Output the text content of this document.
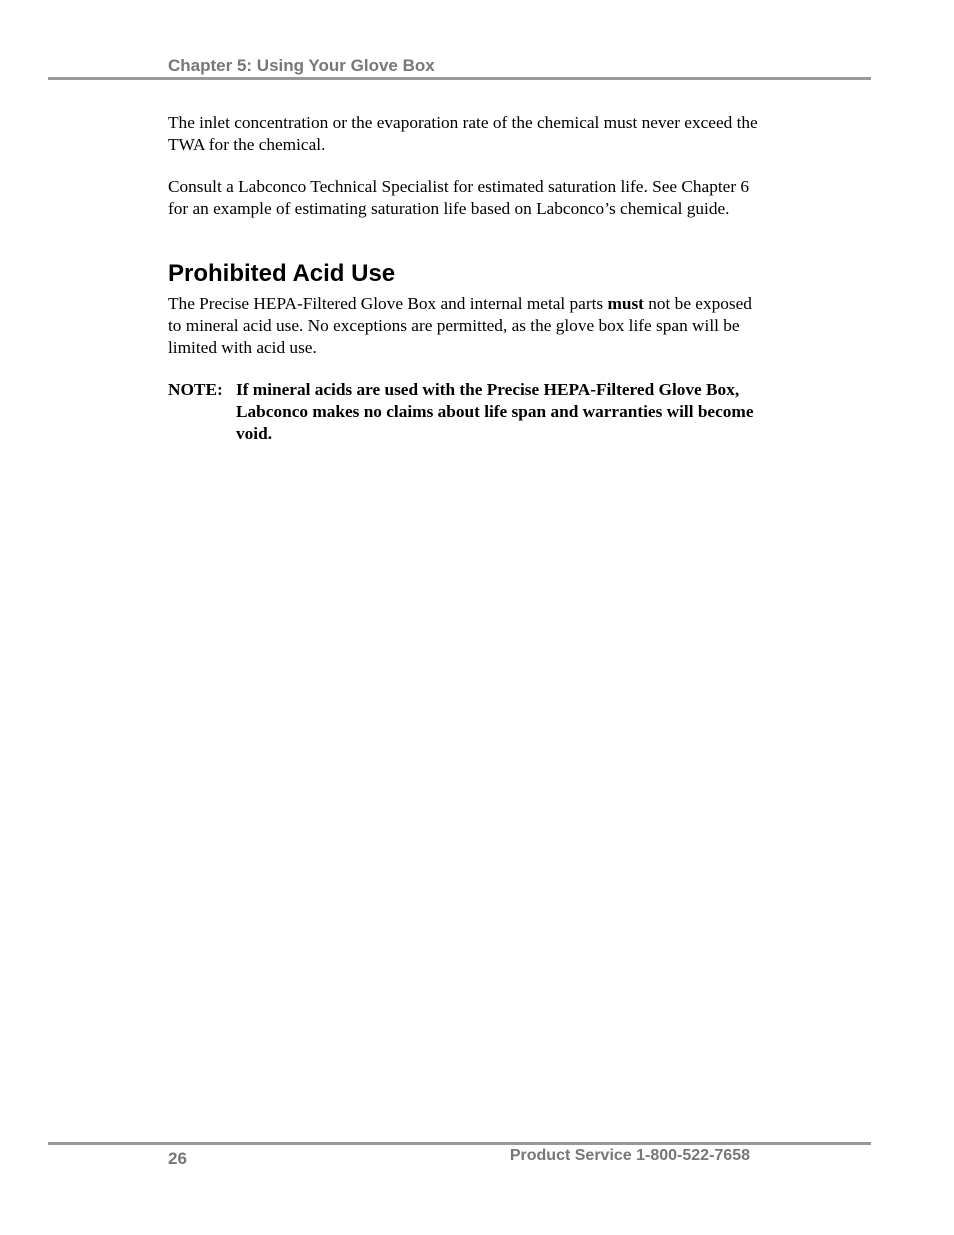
Chapter 5: Using Your Glove Box
The inlet concentration or the evaporation rate of the chemical must never exceed the TWA for the chemical.
Consult a Labconco Technical Specialist for estimated saturation life. See Chapter 6 for an example of estimating saturation life based on Labconco’s chemical guide.
Prohibited Acid Use
The Precise HEPA-Filtered Glove Box and internal metal parts must not be exposed to mineral acid use. No exceptions are permitted, as the glove box life span will be limited with acid use.
NOTE: If mineral acids are used with the Precise HEPA-Filtered Glove Box, Labconco makes no claims about life span and warranties will become void.
26	Product Service 1-800-522-7658
